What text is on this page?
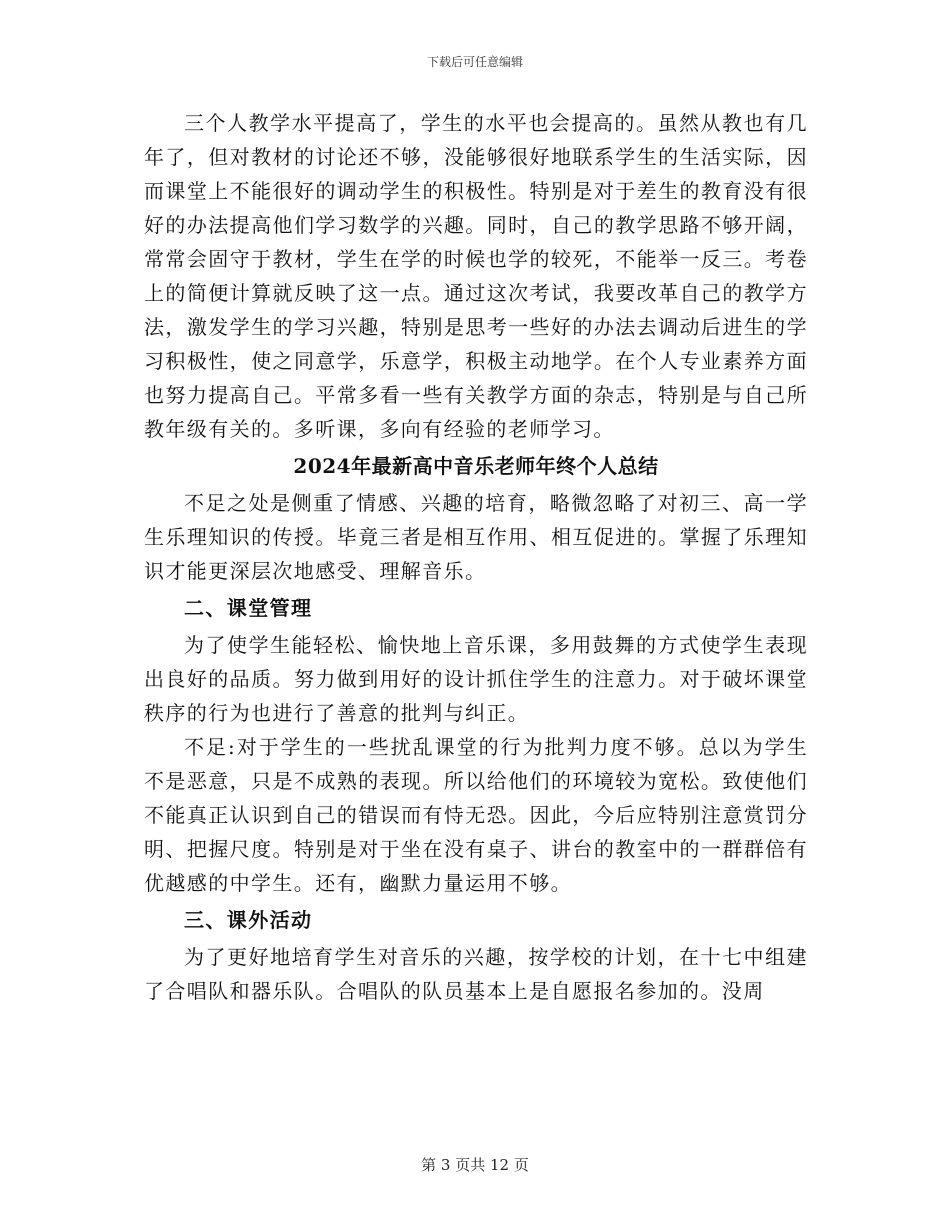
下载后可任意编辑

三个人教学水平提高了，学生的水平也会提高的。虽然从教也有几年了，但对教材的讨论还不够，没能够很好地联系学生的生活实际，因而课堂上不能很好的调动学生的积极性。特别是对于差生的教育没有很好的办法提高他们学习数学的兴趣。同时，自己的教学思路不够开阔，常常会固守于教材，学生在学的时候也学的较死，不能举一反三。考卷上的简便计算就反映了这一点。通过这次考试，我要改革自己的教学方法，激发学生的学习兴趣，特别是思考一些好的办法去调动后进生的学习积极性，使之同意学，乐意学，积极主动地学。在个人专业素养方面也努力提高自己。平常多看一些有关教学方面的杂志，特别是与自己所教年级有关的。多听课，多向有经验的老师学习。

2024年最新高中音乐老师年终个人总结

不足之处是侧重了情感、兴趣的培育，略微忽略了对初三、高一学生乐理知识的传授。毕竟三者是相互作用、相互促进的。掌握了乐理知识才能更深层次地感受、理解音乐。

二、课堂管理

为了使学生能轻松、愉快地上音乐课，多用鼓舞的方式使学生表现出良好的品质。努力做到用好的设计抓住学生的注意力。对于破坏课堂秩序的行为也进行了善意的批判与纠正。

不足:对于学生的一些扰乱课堂的行为批判力度不够。总以为学生不是恶意，只是不成熟的表现。所以给他们的环境较为宽松。致使他们不能真正认识到自己的错误而有恃无恐。因此，今后应特别注意赏罚分明、把握尺度。特别是对于坐在没有桌子、讲台的教室中的一群群倍有优越感的中学生。还有，幽默力量运用不够。

三、课外活动

为了更好地培育学生对音乐的兴趣，按学校的计划，在十七中组建了合唱队和器乐队。合唱队的队员基本上是自愿报名参加的。没周

第 3 页共 12 页
